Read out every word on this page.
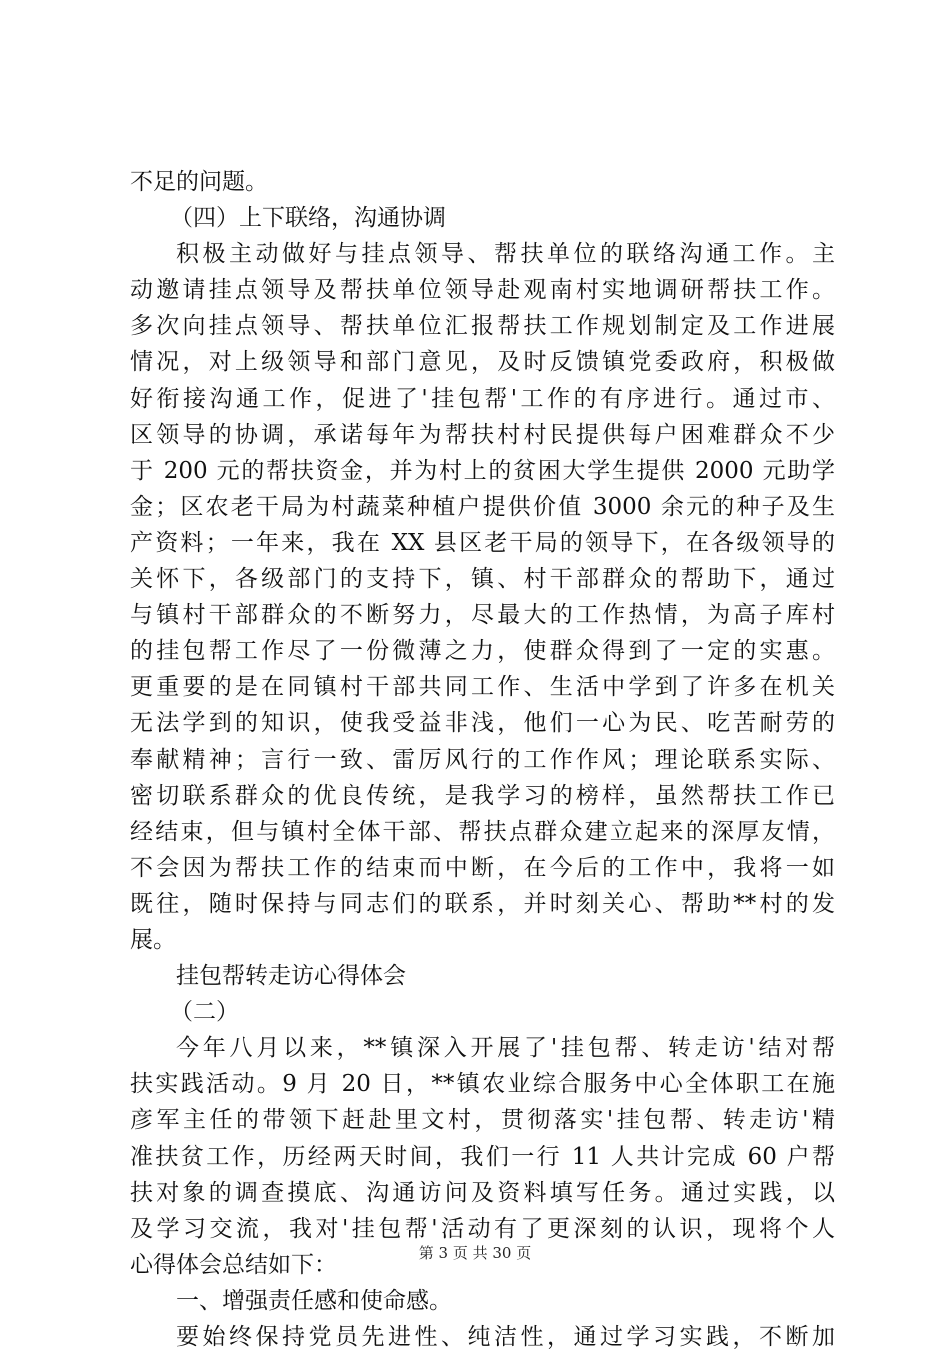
不足的问题。
（四）上下联络，沟通协调
积极主动做好与挂点领导、帮扶单位的联络沟通工作。主
动邀请挂点领导及帮扶单位领导赴观南村实地调研帮扶工作。
多次向挂点领导、帮扶单位汇报帮扶工作规划制定及工作进展
情况，对上级领导和部门意见，及时反馈镇党委政府，积极做
好衔接沟通工作，促进了'挂包帮'工作的有序进行。通过市、
区领导的协调，承诺每年为帮扶村村民提供每户困难群众不少
于 200 元的帮扶资金，并为村上的贫困大学生提供 2000 元助学
金；区农老干局为村蔬菜种植户提供价值 3000 余元的种子及生
产资料；一年来，我在 XX 县区老干局的领导下，在各级领导的
关怀下，各级部门的支持下，镇、村干部群众的帮助下，通过
与镇村干部群众的不断努力，尽最大的工作热情，为高子库村
的挂包帮工作尽了一份微薄之力，使群众得到了一定的实惠。
更重要的是在同镇村干部共同工作、生活中学到了许多在机关
无法学到的知识，使我受益非浅，他们一心为民、吃苦耐劳的
奉献精神；言行一致、雷厉风行的工作作风；理论联系实际、
密切联系群众的优良传统，是我学习的榜样，虽然帮扶工作已
经结束，但与镇村全体干部、帮扶点群众建立起来的深厚友情，
不会因为帮扶工作的结束而中断，在今后的工作中，我将一如
既往，随时保持与同志们的联系，并时刻关心、帮助**村的发
展。
挂包帮转走访心得体会
（二）
今年八月以来，**镇深入开展了'挂包帮、转走访'结对帮
扶实践活动。9 月 20 日，**镇农业综合服务中心全体职工在施
彦军主任的带领下赶赴里文村，贯彻落实'挂包帮、转走访'精
准扶贫工作，历经两天时间，我们一行 11 人共计完成 60 户帮
扶对象的调查摸底、沟通访问及资料填写任务。通过实践，以
及学习交流，我对'挂包帮'活动有了更深刻的认识，现将个人
心得体会总结如下：
一、增强责任感和使命感。
要始终保持党员先进性、纯洁性，通过学习实践，不断加
第 3 页 共 30 页
